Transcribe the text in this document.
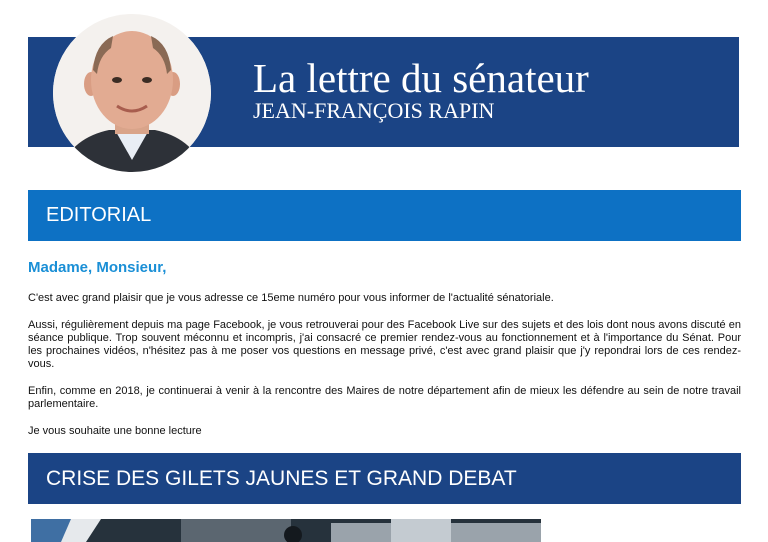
La lettre du sénateur
JEAN-FRANÇOIS RAPIN
EDITORIAL
Madame, Monsieur,

C'est avec grand plaisir que je vous adresse ce 15eme numéro pour vous informer de l'actualité sénatoriale.

Aussi, régulièrement depuis ma page Facebook, je vous retrouverai pour des Facebook Live sur des sujets et des lois dont nous avons discuté en séance publique. Trop souvent méconnu et incompris, j'ai consacré ce premier rendez-vous au fonctionnement et à l'importance du Sénat. Pour les prochaines vidéos, n'hésitez pas à me poser vos questions en message privé, c'est avec grand plaisir que j'y repondrai lors de ces rendez-vous.

Enfin, comme en 2018, je continuerai à venir à la rencontre des Maires de notre département afin de mieux les défendre au sein de notre travail parlementaire.

Je vous souhaite une bonne lecture

CRISE DES GILETS JAUNES ET GRAND DEBAT
